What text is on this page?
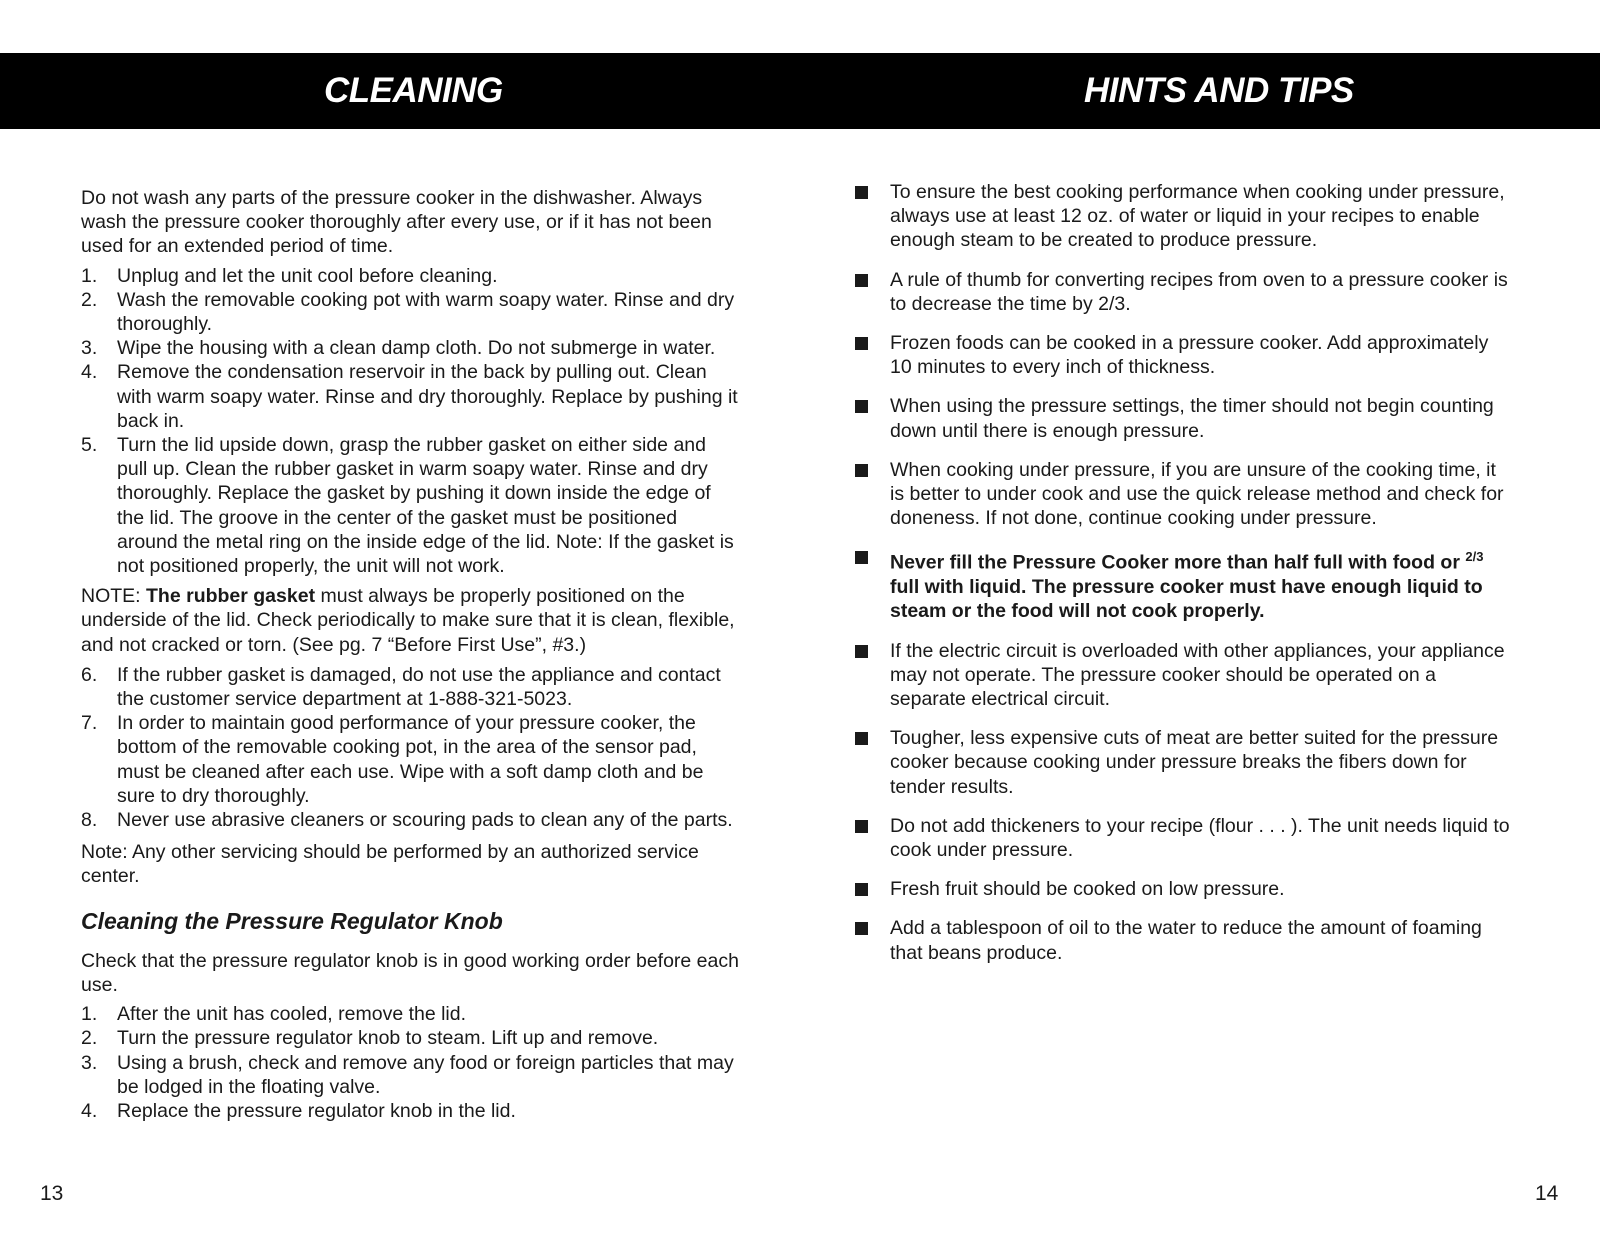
CLEANING	HINTS AND TIPS

Do not wash any parts of the pressure cooker in the dishwasher. Always wash the pressure cooker thoroughly after every use, or if it has not been used for an extended period of time.

1. Unplug and let the unit cool before cleaning.
2. Wash the removable cooking pot with warm soapy water. Rinse and dry thoroughly.
3. Wipe the housing with a clean damp cloth. Do not submerge in water.
4. Remove the condensation reservoir in the back by pulling out. Clean with warm soapy water. Rinse and dry thoroughly. Replace by pushing it back in.
5. Turn the lid upside down, grasp the rubber gasket on either side and pull up. Clean the rubber gasket in warm soapy water. Rinse and dry thoroughly. Replace the gasket by pushing it down inside the edge of the lid. The groove in the center of the gasket must be positioned around the metal ring on the inside edge of the lid. Note: If the gasket is not positioned properly, the unit will not work.

NOTE: The rubber gasket must always be properly positioned on the underside of the lid. Check periodically to make sure that it is clean, flexible, and not cracked or torn. (See pg. 7 “Before First Use”, #3.)

6. If the rubber gasket is damaged, do not use the appliance and contact the customer service department at 1-888-321-5023.
7. In order to maintain good performance of your pressure cooker, the bottom of the removable cooking pot, in the area of the sensor pad, must be cleaned after each use. Wipe with a soft damp cloth and be sure to dry thoroughly.
8. Never use abrasive cleaners or scouring pads to clean any of the parts.

Note: Any other servicing should be performed by an authorized service center.

Cleaning the Pressure Regulator Knob

Check that the pressure regulator knob is in good working order before each use.

1. After the unit has cooled, remove the lid.
2. Turn the pressure regulator knob to steam. Lift up and remove.
3. Using a brush, check and remove any food or foreign particles that may be lodged in the floating valve.
4. Replace the pressure regulator knob in the lid.
To ensure the best cooking performance when cooking under pressure, always use at least 12 oz. of water or liquid in your recipes to enable enough steam to be created to produce pressure.
A rule of thumb for converting recipes from oven to a pressure cooker is to decrease the time by 2/3.
Frozen foods can be cooked in a pressure cooker. Add approximately 10 minutes to every inch of thickness.
When using the pressure settings, the timer should not begin counting down until there is enough pressure.
When cooking under pressure, if you are unsure of the cooking time, it is better to under cook and use the quick release method and check for doneness. If not done, continue cooking under pressure.
Never fill the Pressure Cooker more than half full with food or $^{2/3}$ full with liquid. The pressure cooker must have enough liquid to steam or the food will not cook properly.
If the electric circuit is overloaded with other appliances, your appliance may not operate. The pressure cooker should be operated on a separate electrical circuit.
Tougher, less expensive cuts of meat are better suited for the pressure cooker because cooking under pressure breaks the fibers down for tender results.
Do not add thickeners to your recipe (flour . . . ). The unit needs liquid to cook under pressure.
Fresh fruit should be cooked on low pressure.
Add a tablespoon of oil to the water to reduce the amount of foaming that beans produce.
13	14
